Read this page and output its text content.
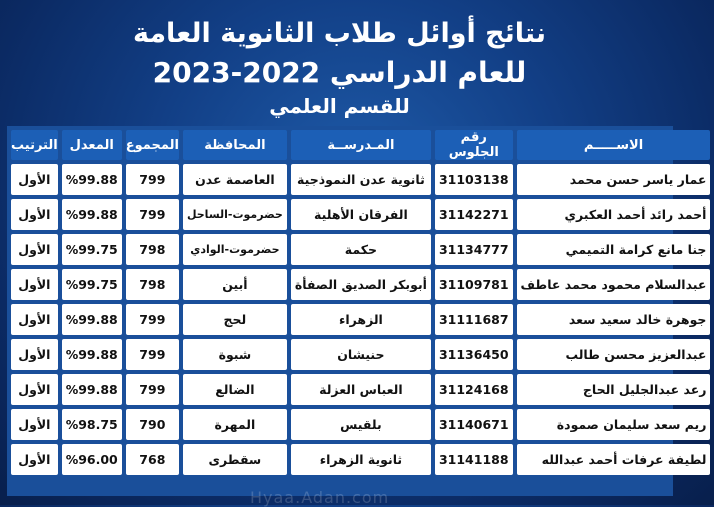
نتائج أوائل طلاب الثانوية العامة
للعام الدراسي 2022-2023
للقسم العلمي
الاســـــم	رقم الجلوس	المـدرســة	المحافظة	المجموع	المعدل	الترتيب
عمار ياسر حسن محمد	31103138	ثانوية عدن النموذجية	العاصمة عدن	799	%99.88	الأول
أحمد رائد أحمد العكبري	31142271	الفرقان الأهلية	حضرموت-الساحل	799	%99.88	الأول
جنا مانع كرامة التميمي	31134777	حكمة	حضرموت-الوادي	798	%99.75	الأول
عبدالسلام محمود محمد عاطف	31109781	أبوبكر الصديق الصفأة	أبين	798	%99.75	الأول
جوهرة خالد سعيد سعد	31111687	الزهراء	لحج	799	%99.88	الأول
عبدالعزيز محسن طالب	31136450	حنيشان	شبوة	799	%99.88	الأول
رعد عبدالجليل الحاج	31124168	العباس العزلة	الضالع	799	%99.88	الأول
ريم سعد سليمان صمودة	31140671	بلقيس	المهرة	790	%98.75	الأول
لطيفة عرفات أحمد عبدالله	31141188	ثانوية الزهراء	سقطرى	768	%96.00	الأول
Hyaa.Adan.com
